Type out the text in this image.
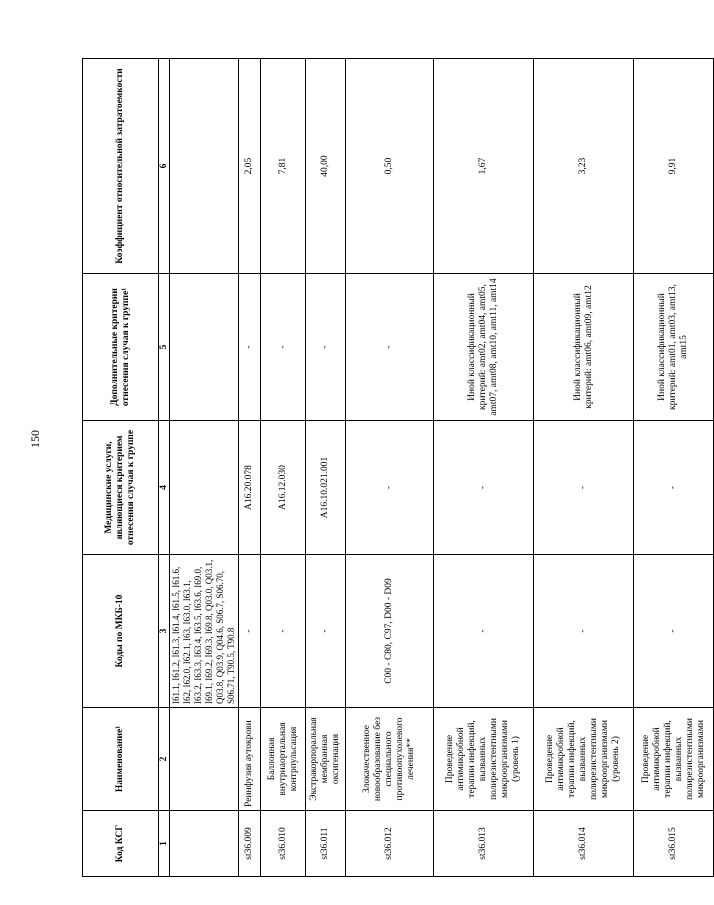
150
Код КСГ	Наименование¹	Коды по МКБ-10	Медицинские услуги, являющиеся критерием отнесения случая к группе	Дополнительные критерии отнесения случая к группе¹	Коэффициент относительной затратоемкости
1	2	3	4	5	6
		I61.1, I61.2, I61.3, I61.4, I61.5, I61.6, I62, I62.0, I62.1, I63, I63.0, I63.1, I63.2, I63.3, I63.4, I63.5, I63.6, I69.0, I69.1, I69.2, I69.3, I69.8, Q03.0, Q03.1, Q03.8, Q03.9, Q04.6, S06.7, S06.70, S06.71, T90.5, T90.8			
st36.009	Реинфузия аутокрови	-	A16.20.078	-	2,05
st36.010	Баллонная внутриаортальная контрпульсация	-	A16.12.030	-	7,81
st36.011	Экстракорпоральная мембранная оксигенация	-	A16.10.021.001	-	40,00
st36.012	Злокачественное новообразование без специального противоопухолевого лечения**	C00 - C80, C97, D00 - D09	-	-	0,50
st36.013	Проведение антимикробной терапии инфекций, вызванных полирезистентными микроорганизмами (уровень 1)	-	-	Иной классификационный критерий: amt02, amt04, amt05, amt07, amt08, amt10, amt11, amt14	1,67
st36.014	Проведение антимикробной терапии инфекций, вызванных полирезистентными микроорганизмами (уровень 2)	-	-	Иной классификационный критерий: amt06, amt09, amt12	3,23
st36.015	Проведение антимикробной терапии инфекций, вызванных полирезистентными микроорганизмами	-	-	Иной классификационный критерий: amt01, amt03, amt13, amt15	9,91
